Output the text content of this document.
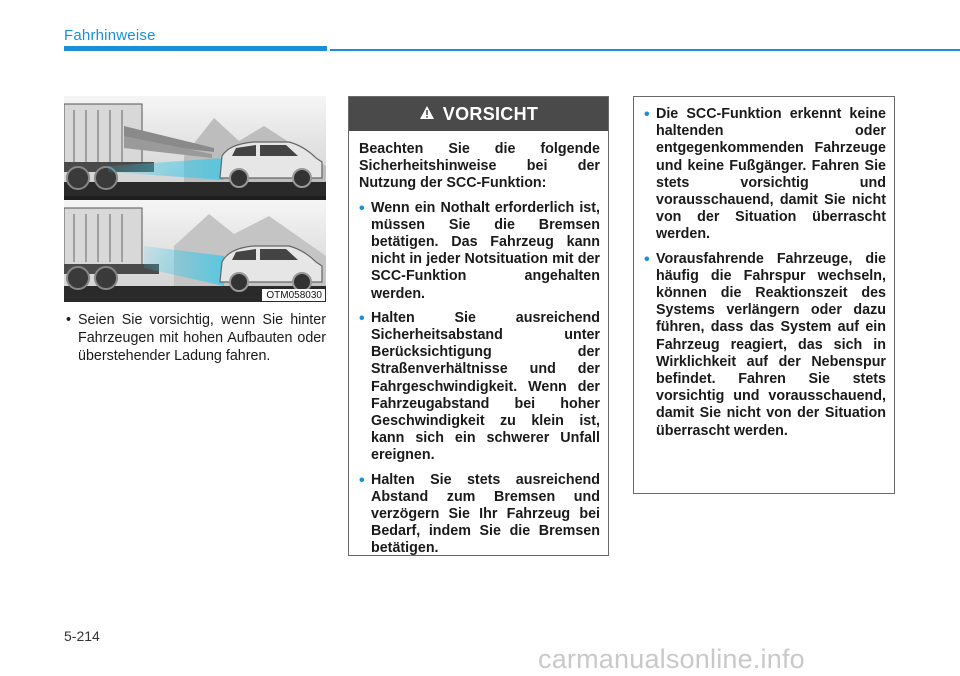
Fahrhinweise
OTM058030
• Seien Sie vorsichtig, wenn Sie hinter Fahrzeugen mit hohen Aufbauten oder überstehender Ladung fahren.
VORSICHT

Beachten Sie die folgende Sicherheitshinweise bei der Nutzung der SCC-Funktion:

• Wenn ein Nothalt erforderlich ist, müssen Sie die Bremsen betätigen. Das Fahrzeug kann nicht in jeder Notsituation mit der SCC-Funktion angehalten werden.
• Halten Sie ausreichend Sicherheitsabstand unter Berücksichtigung der Straßenverhältnisse und der Fahrgeschwindigkeit. Wenn der Fahrzeugabstand bei hoher Geschwindigkeit zu klein ist, kann sich ein schwerer Unfall ereignen.
• Halten Sie stets ausreichend Abstand zum Bremsen und verzögern Sie Ihr Fahrzeug bei Bedarf, indem Sie die Bremsen betätigen.
• Die SCC-Funktion erkennt keine haltenden oder entgegenkommenden Fahrzeuge und keine Fußgänger. Fahren Sie stets vorsichtig und vorausschauend, damit Sie nicht von der Situation überrascht werden.
• Vorausfahrende Fahrzeuge, die häufig die Fahrspur wechseln, können die Reaktionszeit des Systems verlängern oder dazu führen, dass das System auf ein Fahrzeug reagiert, das sich in Wirklichkeit auf der Nebenspur befindet. Fahren Sie stets vorsichtig und vorausschauend, damit Sie nicht von der Situation überrascht werden.
5-214
carmanualsonline.info
